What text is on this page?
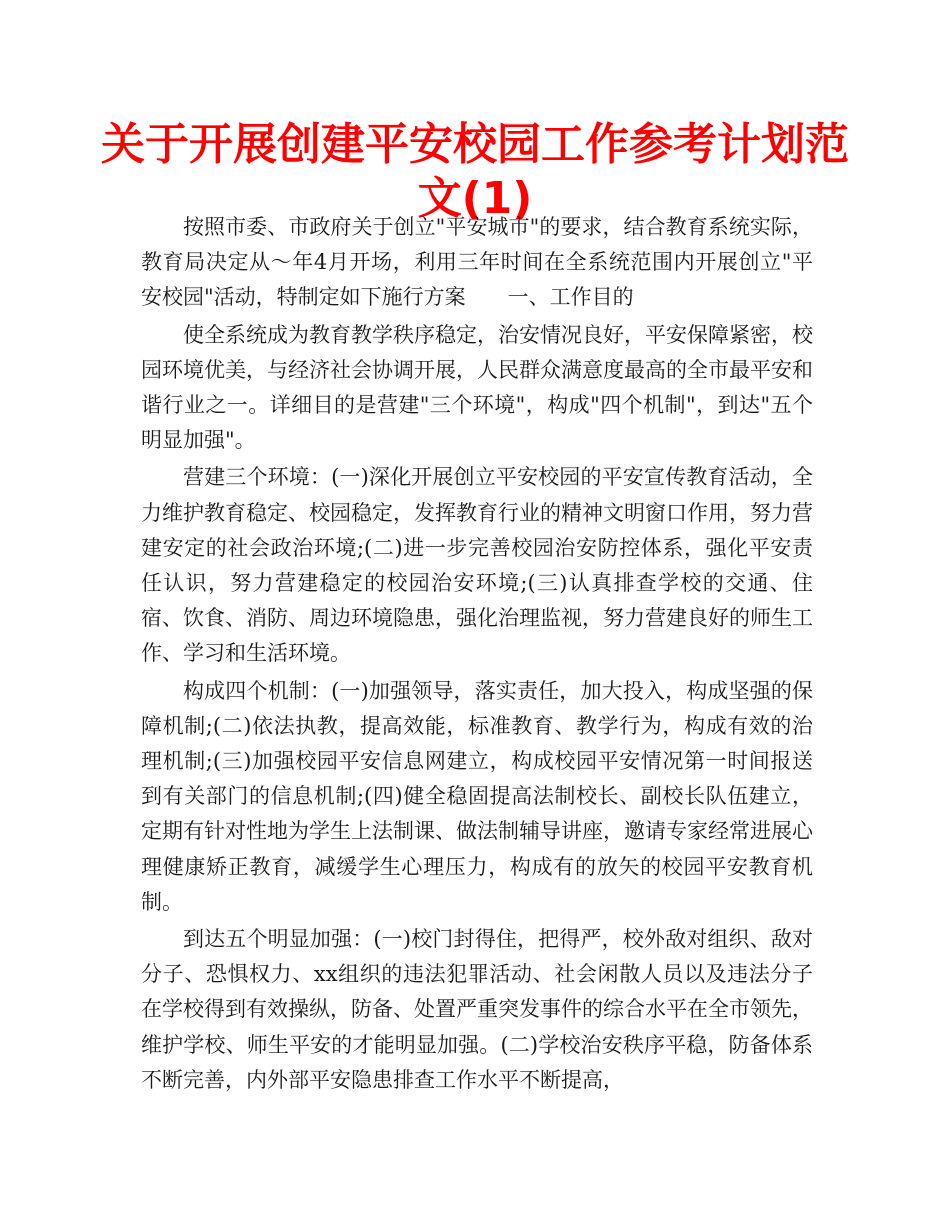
关于开展创建平安校园工作参考计划范文(1)

按照市委、市政府关于创立"平安城市"的要求，结合教育系统实际，教育局决定从～年4月开场，利用三年时间在全系统范围内开展创立"平安校园"活动，特制定如下施行方案　　一、工作目的

使全系统成为教育教学秩序稳定，治安情况良好，平安保障紧密，校园环境优美，与经济社会协调开展，人民群众满意度最高的全市最平安和谐行业之一。详细目的是营建"三个环境"，构成"四个机制"，到达"五个明显加强"。

营建三个环境：(一)深化开展创立平安校园的平安宣传教育活动，全力维护教育稳定、校园稳定，发挥教育行业的精神文明窗口作用，努力营建安定的社会政治环境;(二)进一步完善校园治安防控体系，强化平安责任认识，努力营建稳定的校园治安环境;(三)认真排查学校的交通、住宿、饮食、消防、周边环境隐患，强化治理监视，努力营建良好的师生工作、学习和生活环境。

构成四个机制：(一)加强领导，落实责任，加大投入，构成坚强的保障机制;(二)依法执教，提高效能，标准教育、教学行为，构成有效的治理机制;(三)加强校园平安信息网建立，构成校园平安情况第一时间报送到有关部门的信息机制;(四)健全稳固提高法制校长、副校长队伍建立，定期有针对性地为学生上法制课、做法制辅导讲座，邀请专家经常进展心理健康矫正教育，减缓学生心理压力，构成有的放矢的校园平安教育机制。

到达五个明显加强：(一)校门封得住，把得严，校外敌对组织、敌对分子、恐惧权力、xx组织的违法犯罪活动、社会闲散人员以及违法分子在学校得到有效操纵，防备、处置严重突发事件的综合水平在全市领先，维护学校、师生平安的才能明显加强。(二)学校治安秩序平稳，防备体系不断完善，内外部平安隐患排查工作水平不断提高，
